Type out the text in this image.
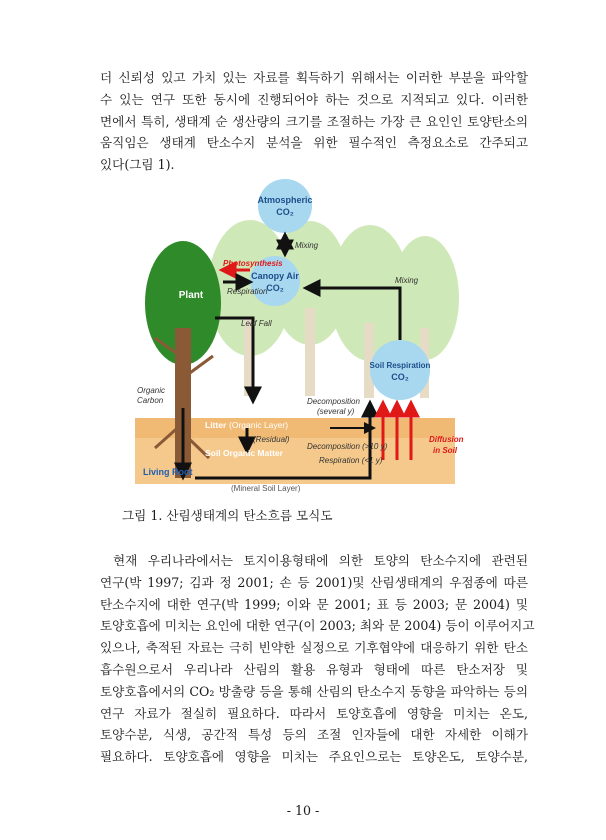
더 신뢰성 있고 가치 있는 자료를 획득하기 위해서는 이러한 부분을 파악할
수 있는 연구 또한 동시에 진행되어야 하는 것으로 지적되고 있다. 이러한
면에서 특히, 생태계 순 생산량의 크기를 조절하는 가장 큰 요인인 토양탄소의
움직임은 생태계 탄소수지 분석을 위한 필수적인 측정요소로 간주되고
있다(그림 1).
Atmospheric
CO₂
Mixing
Canopy Air
CO₂
Mixing
Photosynthesis
Respiration
Plant
Leaf Fall
Soil Respiration
CO₂
Organic
Carbon	Decomposition
(several y)
Litter (Organic Layer)
(Residual)
Soil Organic Matter
Decomposition (>10 y)
Respiration (<1 y)
Diffusion
in Soil
Living Root
(Mineral Soil Layer)
그림 1. 산림생태계의 탄소흐름 모식도
현재 우리나라에서는 토지이용형태에 의한 토양의 탄소수지에 관련된
연구(박 1997; 김과 정 2001; 손 등 2001)및 산림생태계의 우점종에 따른
탄소수지에 대한 연구(박 1999; 이와 문 2001; 표 등 2003; 문 2004) 및
토양호흡에 미치는 요인에 대한 연구(이 2003; 최와 문 2004) 등이 이루어지고
있으나, 축적된 자료는 극히 빈약한 실정으로 기후협약에 대응하기 위한 탄소
흡수원으로서 우리나라 산림의 활용 유형과 형태에 따른 탄소저장 및
토양호흡에서의 CO₂ 방출량 등을 통해 산림의 탄소수지 동향을 파악하는 등의
연구 자료가 절실히 필요하다. 따라서 토양호흡에 영향을 미치는 온도,
토양수분, 식생, 공간적 특성 등의 조절 인자들에 대한 자세한 이해가
필요하다. 토양호흡에 영향을 미치는 주요인으로는 토양온도, 토양수분,
- 10 -
